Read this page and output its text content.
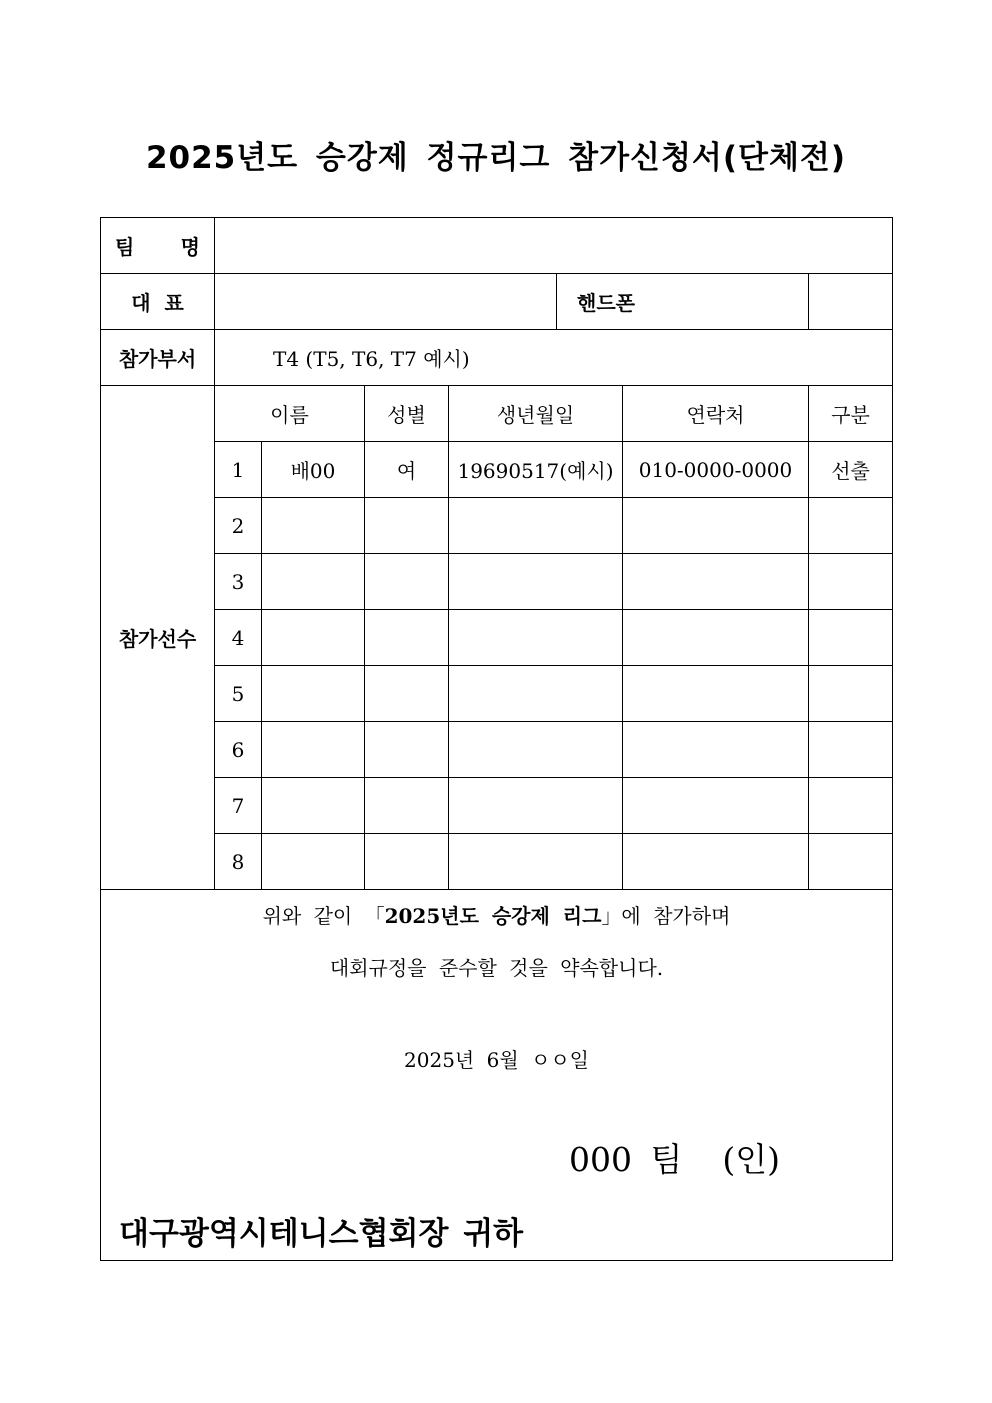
2025년도 승강제 정규리그 참가신청서(단체전)
팀 명							

대 표					핸드폰		
참가부서	T4 (T5, T6, T7 예시)						
참가선수	이름		성별	생년월일		연락처	구분
	1	배00	여	19690517(예시)		010-0000-0000	선출
	2						
	3						
	4						
	5						
	6						
	7						
	8						

위와 같이 「2025년도 승강제 리그」에 참가하며
대회규정을 준수할 것을 약속합니다.
2025년 6월 ㅇㅇ일
000 팀 (인)
대구광역시테니스협회장 귀하							
